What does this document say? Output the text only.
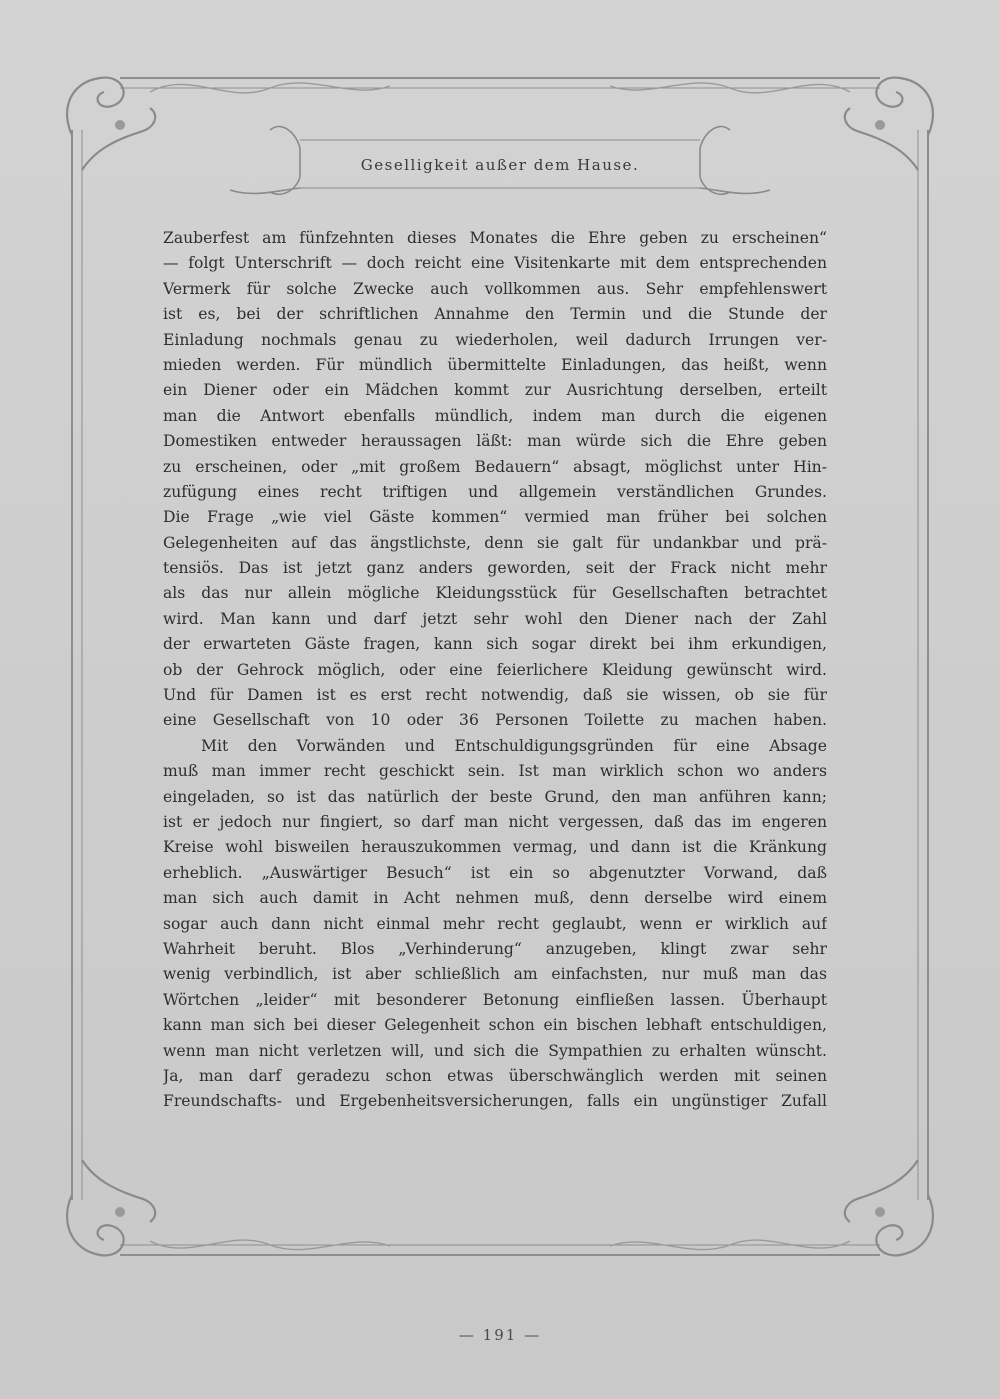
Geselligkeit außer dem Hause.

Zauberfest am fünfzehnten dieses Monates die Ehre geben zu erscheinen“

— folgt Unterschrift — doch reicht eine Visitenkarte mit dem entsprechenden

Vermerk für solche Zwecke auch vollkommen aus. Sehr empfehlenswert

ist es, bei der schriftlichen Annahme den Termin und die Stunde der

Einladung nochmals genau zu wiederholen, weil dadurch Irrungen ver-

mieden werden. Für mündlich übermittelte Einladungen, das heißt, wenn

ein Diener oder ein Mädchen kommt zur Ausrichtung derselben, erteilt

man die Antwort ebenfalls mündlich, indem man durch die eigenen

Domestiken entweder heraussagen läßt: man würde sich die Ehre geben

zu erscheinen, oder „mit großem Bedauern“ absagt, möglichst unter Hin-

zufügung eines recht triftigen und allgemein verständlichen Grundes.

Die Frage „wie viel Gäste kommen“ vermied man früher bei solchen

Gelegenheiten auf das ängstlichste, denn sie galt für undankbar und prä-

tensiös. Das ist jetzt ganz anders geworden, seit der Frack nicht mehr

als das nur allein mögliche Kleidungsstück für Gesellschaften betrachtet

wird. Man kann und darf jetzt sehr wohl den Diener nach der Zahl

der erwarteten Gäste fragen, kann sich sogar direkt bei ihm erkundigen,

ob der Gehrock möglich, oder eine feierlichere Kleidung gewünscht wird.

Und für Damen ist es erst recht notwendig, daß sie wissen, ob sie für

eine Gesellschaft von 10 oder 36 Personen Toilette zu machen haben.

Mit den Vorwänden und Entschuldigungsgründen für eine Absage

muß man immer recht geschickt sein. Ist man wirklich schon wo anders

eingeladen, so ist das natürlich der beste Grund, den man anführen kann;

ist er jedoch nur fingiert, so darf man nicht vergessen, daß das im engeren

Kreise wohl bisweilen herauszukommen vermag, und dann ist die Kränkung

erheblich. „Auswärtiger Besuch“ ist ein so abgenutzter Vorwand, daß

man sich auch damit in Acht nehmen muß, denn derselbe wird einem

sogar auch dann nicht einmal mehr recht geglaubt, wenn er wirklich auf

Wahrheit beruht. Blos „Verhinderung“ anzugeben, klingt zwar sehr

wenig verbindlich, ist aber schließlich am einfachsten, nur muß man das

Wörtchen „leider“ mit besonderer Betonung einfließen lassen. Überhaupt

kann man sich bei dieser Gelegenheit schon ein bischen lebhaft entschuldigen,

wenn man nicht verletzen will, und sich die Sympathien zu erhalten wünscht.

Ja, man darf geradezu schon etwas überschwänglich werden mit seinen

Freundschafts- und Ergebenheitsversicherungen, falls ein ungünstiger Zufall

— 191 —
